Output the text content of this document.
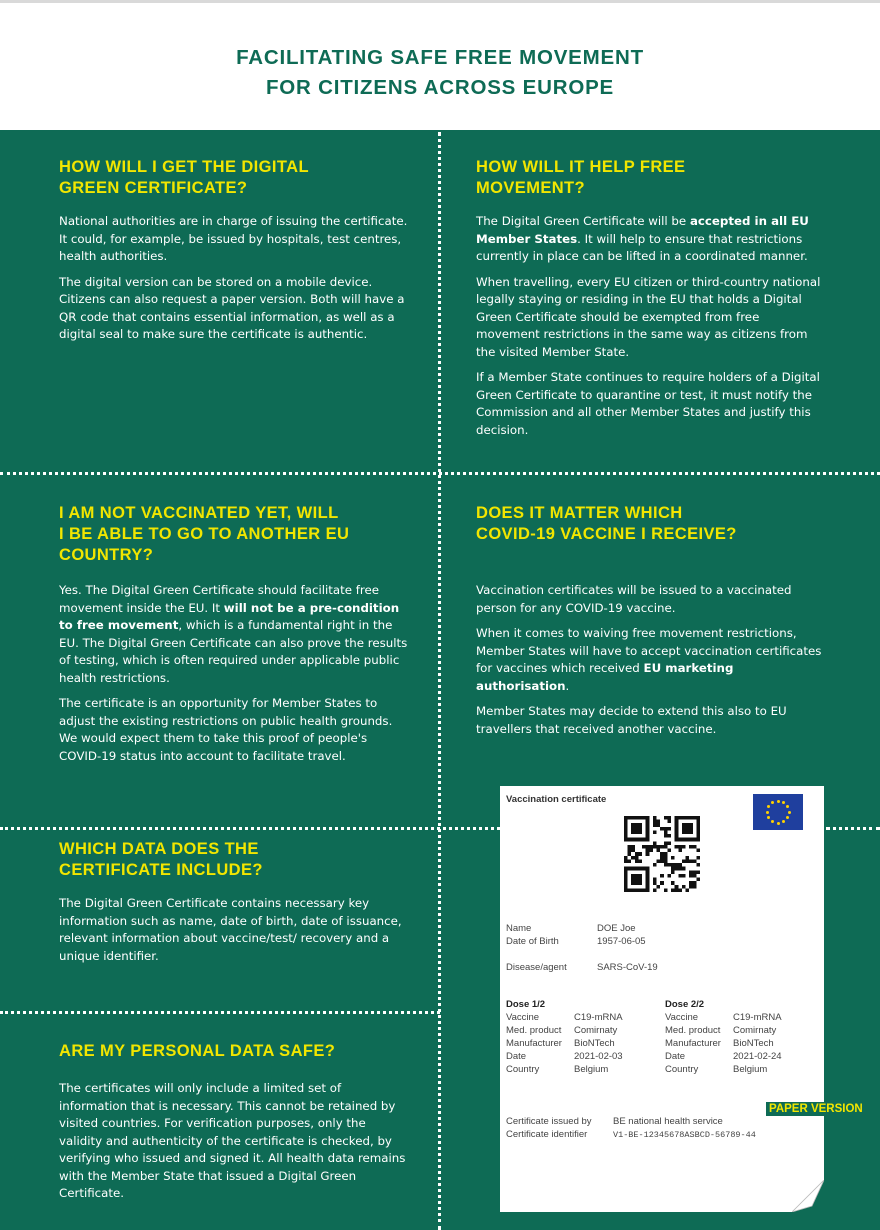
FACILITATING SAFE FREE MOVEMENT
FOR CITIZENS ACROSS EUROPE
HOW WILL I GET THE DIGITAL
GREEN CERTIFICATE?

National authorities are in charge of issuing the certificate. It could, for example, be issued by hospitals, test centres, health authorities.

The digital version can be stored on a mobile device. Citizens can also request a paper version. Both will have a QR code that contains essential information, as well as a digital seal to make sure the certificate is authentic.

HOW WILL IT HELP FREE
MOVEMENT?

The Digital Green Certificate will be accepted in all EU Member States. It will help to ensure that restrictions currently in place can be lifted in a coordinated manner.

When travelling, every EU citizen or third-country national legally staying or residing in the EU that holds a Digital Green Certificate should be exempted from free movement restrictions in the same way as citizens from the visited Member State.

If a Member State continues to require holders of a Digital Green Certificate to quarantine or test, it must notify the Commission and all other Member States and justify this decision.

I AM NOT VACCINATED YET, WILL
I BE ABLE TO GO TO ANOTHER EU
COUNTRY?

Yes. The Digital Green Certificate should facilitate free movement inside the EU. It will not be a pre-condition to free movement, which is a fundamental right in the EU. The Digital Green Certificate can also prove the results of testing, which is often required under applicable public health restrictions.

The certificate is an opportunity for Member States to adjust the existing restrictions on public health grounds. We would expect them to take this proof of people's COVID-19 status into account to facilitate travel.

DOES IT MATTER WHICH
COVID-19 VACCINE I RECEIVE?

Vaccination certificates will be issued to a vaccinated person for any COVID-19 vaccine.

When it comes to waiving free movement restrictions, Member States will have to accept vaccination certificates for vaccines which received EU marketing authorisation.

Member States may decide to extend this also to EU travellers that received another vaccine.

WHICH DATA DOES THE
CERTIFICATE INCLUDE?

The Digital Green Certificate contains necessary key information such as name, date of birth, date of issuance, relevant information about vaccine/test/ recovery and a unique identifier.

ARE MY PERSONAL DATA SAFE?

The certificates will only include a limited set of information that is necessary. This cannot be retained by visited countries. For verification purposes, only the validity and authenticity of the certificate is checked, by verifying who issued and signed it. All health data remains with the Member State that issued a Digital Green Certificate.

Vaccination certificate
Name	DOE Joe
Date of Birth	1957-06-05
Disease/agent	SARS-CoV-19
Dose 1/2
Vaccine	C19-mRNA
Med. product Comirnaty
Manufacturer BioNTech
Date	2021-02-03
Country	Belgium
Dose 2/2
Vaccine	C19-mRNA
Med. product Comirnaty
Manufacturer BioNTech
Date	2021-02-24
Country	Belgium
Certificate issued by BE national health service
Certificate identifier	V1-BE-12345678ASBCD-56789-44
PAPER VERSION
